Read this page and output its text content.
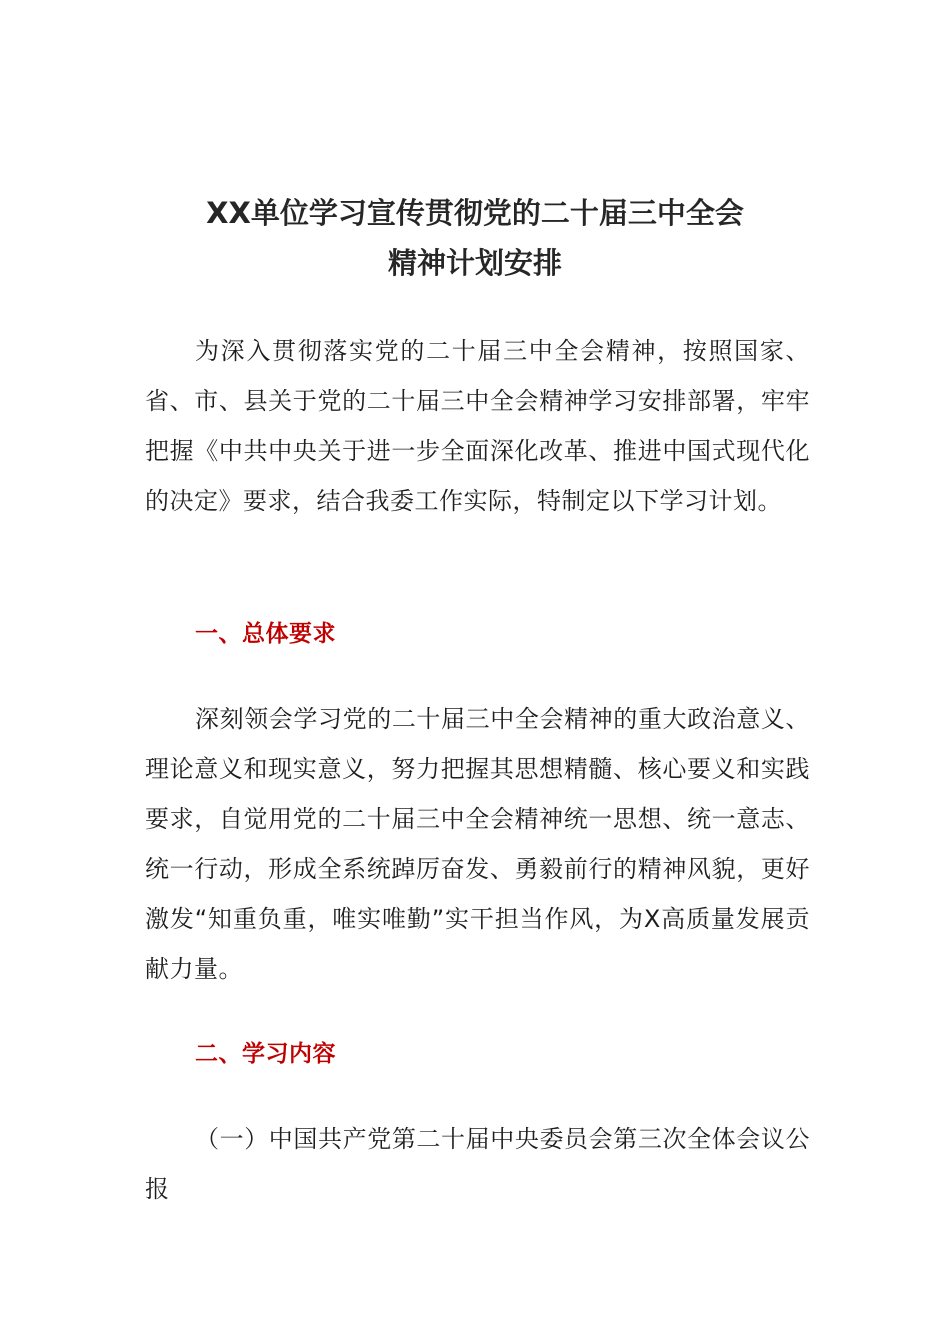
XX单位学习宣传贯彻党的二十届三中全会
精神计划安排

为深入贯彻落实党的二十届三中全会精神，按照国家、省、市、县关于党的二十届三中全会精神学习安排部署，牢牢把握《中共中央关于进一步全面深化改革、推进中国式现代化的决定》要求，结合我委工作实际，特制定以下学习计划。

一、总体要求

深刻领会学习党的二十届三中全会精神的重大政治意义、理论意义和现实意义，努力把握其思想精髓、核心要义和实践要求，自觉用党的二十届三中全会精神统一思想、统一意志、统一行动，形成全系统踔厉奋发、勇毅前行的精神风貌，更好激发“知重负重，唯实唯勤”实干担当作风，为X高质量发展贡献力量。

二、学习内容

（一）中国共产党第二十届中央委员会第三次全体会议公报
